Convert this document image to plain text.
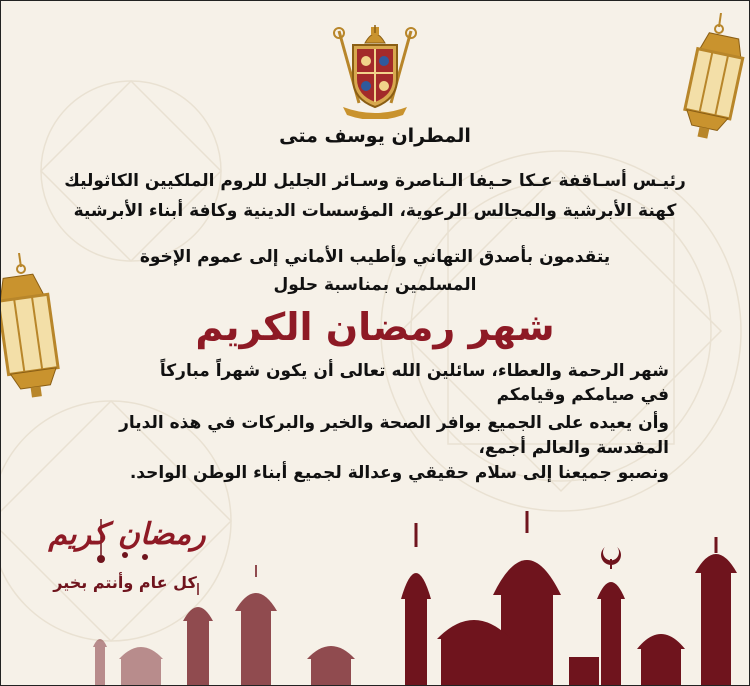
المطران يوسف متى
رئيـس أسـاقفة عـكا حـيفا الـناصرة وسـائر الجليل للروم الملكيين الكاثوليك
كهنة الأبرشية والمجالس الرعوية، المؤسسات الدينية وكافة أبناء الأبرشية
يتقدمون بأصدق التهاني وأطيب الأماني إلى عموم الإخوة
المسلمين بمناسبة حلول
شهر رمضان الكريم
شهر الرحمة والعطاء، سائلين الله تعالى أن يكون شهراً مباركاً
في صيامكم وقيامكم
وأن يعيده على الجميع بوافر الصحة والخير والبركات في هذه الديار
المقدسة والعالم أجمع،
ونصبو جميعنا إلى سلام حقيقي وعدالة لجميع أبناء الوطن الواحد.
رمضان كريم
كل عام وأنتم بخير
